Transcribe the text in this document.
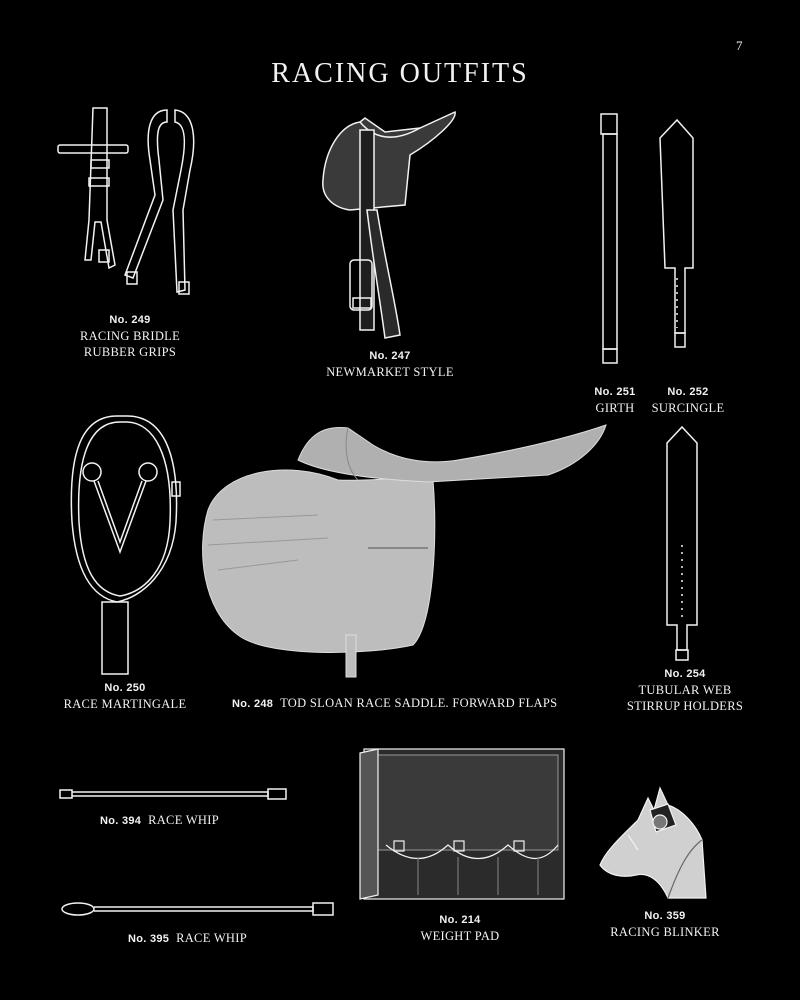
7
RACING OUTFITS
No. 249
RACING BRIDLE
RUBBER GRIPS	No. 247
NEWMARKET STYLE
No. 251
GIRTH
No. 252
SURCINGLE
No. 250
RACE MARTINGALE	No. 248 TOD SLOAN RACE SADDLE. FORWARD FLAPS
No. 254
TUBULAR WEB
STIRRUP HOLDERS
No. 394 RACE WHIP
No. 395 RACE WHIP
No. 214
WEIGHT PAD
No. 359
RACING BLINKER
